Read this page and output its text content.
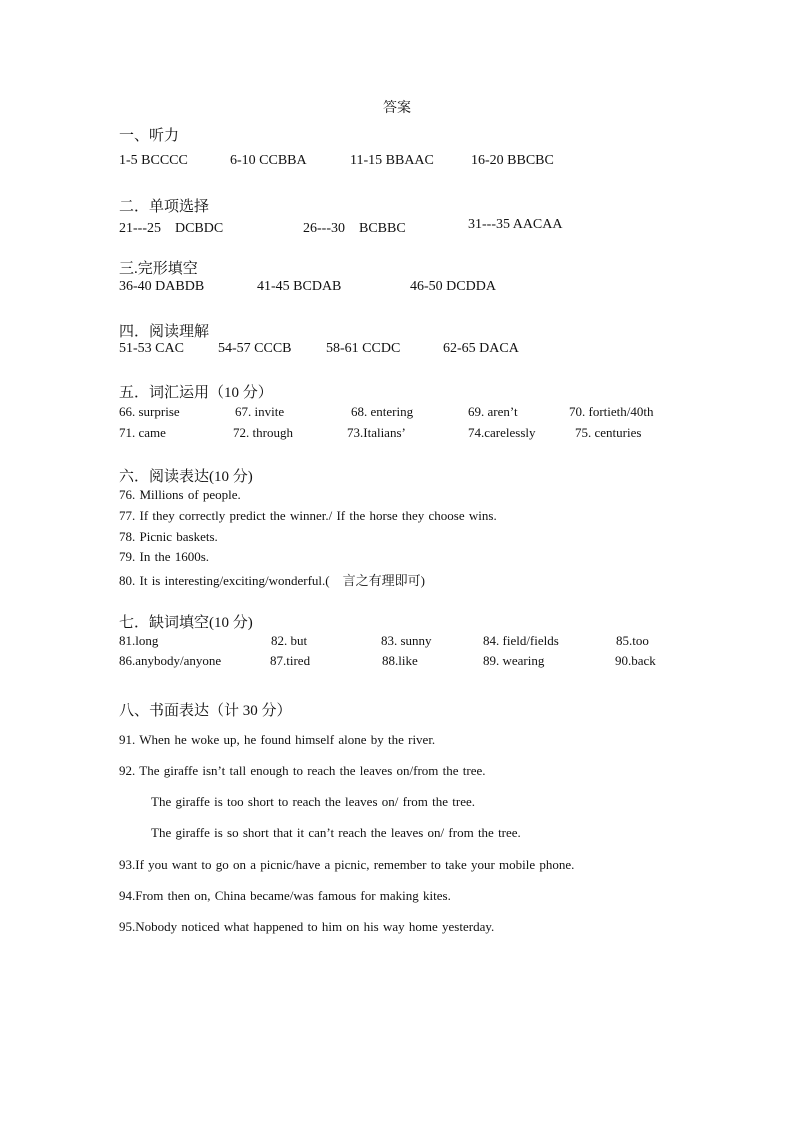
答案
一、听力
1-5 BCCCC	6-10 CCBBA	11-15 BBAAC	16-20 BBCBC
二．单项选择
21---25　DCBDC	26---30　BCBBC	31---35 AACAA
三.完形填空
36-40 DABDB	41-45 BCDAB	46-50 DCDDA
四．阅读理解
51-53 CAC 54-57 CCCB 58-61 CCDC	62-65 DACA
五．词汇运用（10 分）
66. surprise	67. invite	68. entering	69. aren’t	70. fortieth/40th
71. came	72. through	73.Italians’	74.carelessly	75. centuries
六．阅读表达(10 分)
76. Millions of people.
77. If they correctly predict the winner./ If the horse they choose wins.
78. Picnic baskets.
79. In the 1600s.
80. It is interesting/exciting/wonderful.(　言之有理即可)
七．缺词填空(10 分)
81.long	82. but	83. sunny	84. field/fields	85.too
86.anybody/anyone	87.tired	88.like	89. wearing	90.back
八、书面表达（计 30 分）
91. When he woke up, he found himself alone by the river.
92. The giraffe isn’t tall enough to reach the leaves on/from the tree.
The giraffe is too short to reach the leaves on/ from the tree.
The giraffe is so short that it can’t reach the leaves on/ from the tree.
93.If you want to go on a picnic/have a picnic, remember to take your mobile phone.
94.From then on, China became/was famous for making kites.
95.Nobody noticed what happened to him on his way home yesterday.
